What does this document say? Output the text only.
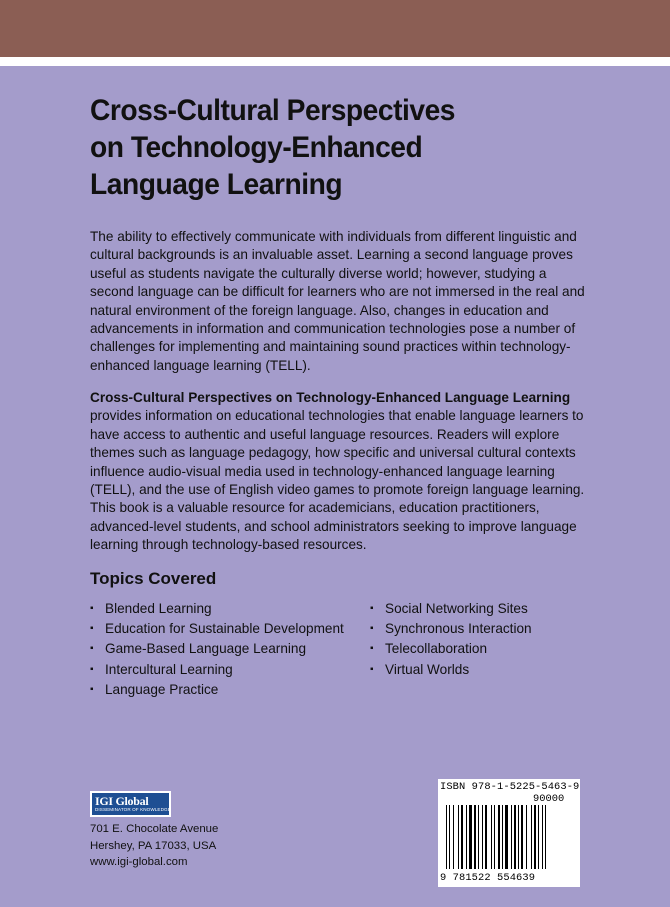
Cross-Cultural Perspectives
on Technology-Enhanced
Language Learning

The ability to effectively communicate with individuals from different linguistic and cultural backgrounds is an invaluable asset. Learning a second language proves useful as students navigate the culturally diverse world; however, studying a second language can be difficult for learners who are not immersed in the real and natural environment of the foreign language. Also, changes in education and advancements in information and communication technologies pose a number of challenges for implementing and maintaining sound practices within technology-enhanced language learning (TELL).

Cross-Cultural Perspectives on Technology-Enhanced Language Learning provides information on educational technologies that enable language learners to have access to authentic and useful language resources. Readers will explore themes such as language pedagogy, how specific and universal cultural contexts influence audio-visual media used in technology-enhanced language learning (TELL), and the use of English video games to promote foreign language learning. This book is a valuable resource for academicians, education practitioners, advanced-level students, and school administrators seeking to improve language learning through technology-based resources.

Topics Covered
▪ Blended Learning
▪ Education for Sustainable Development
▪ Game-Based Language Learning
▪ Intercultural Learning
▪ Language Practice
▪ Social Networking Sites
▪ Synchronous Interaction
▪ Telecollaboration
▪ Virtual Worlds
IGI Global
DISSEMINATOR OF KNOWLEDGE
701 E. Chocolate Avenue
Hershey, PA 17033, USA
www.igi-global.com
ISBN 978-1-5225-5463-9
90000
9 781522 554639
